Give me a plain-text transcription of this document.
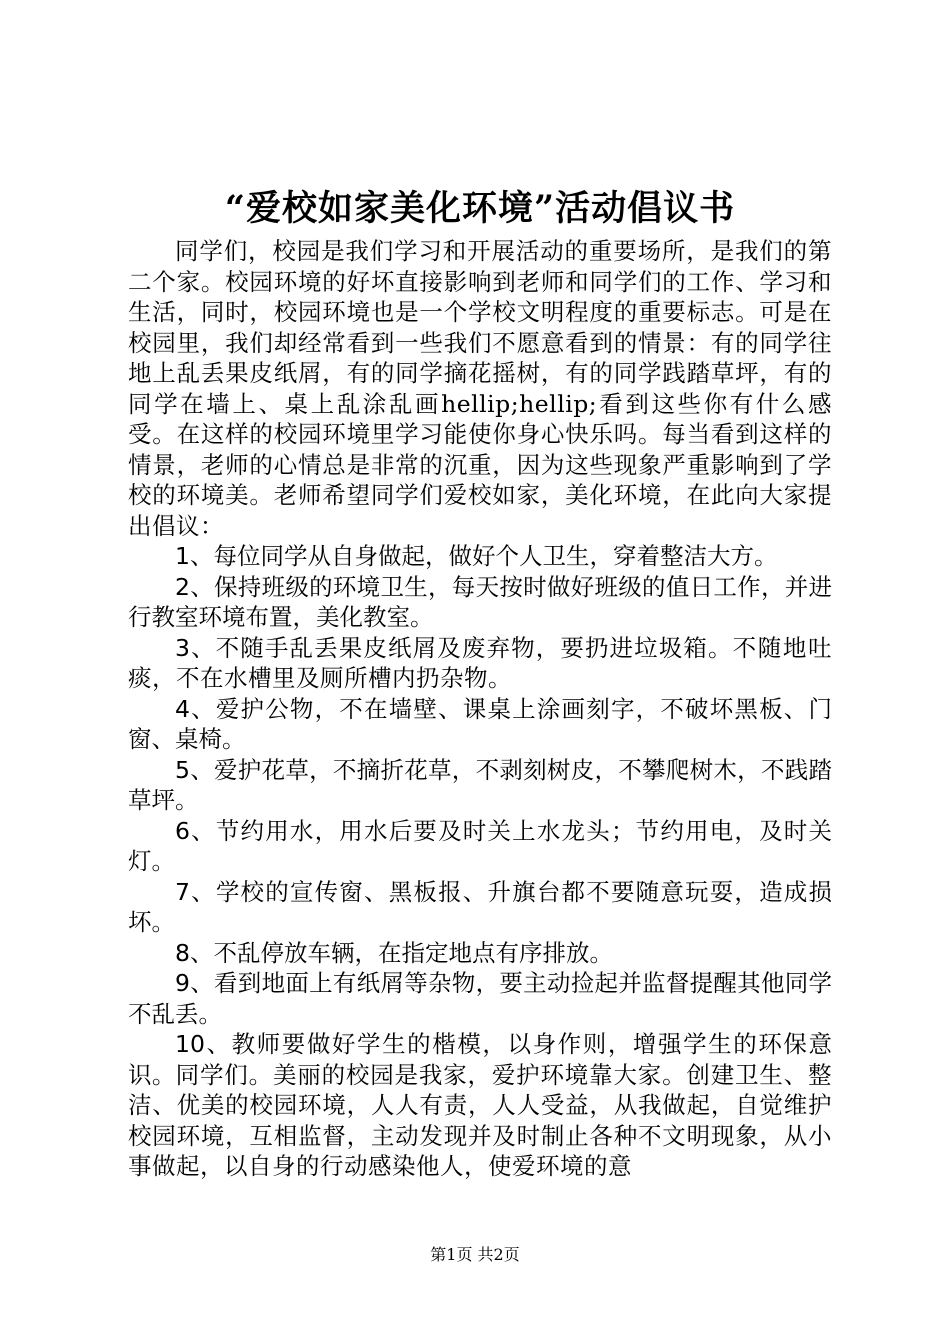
“爱校如家美化环境”活动倡议书

同学们，校园是我们学习和开展活动的重要场所，是我们的第二个家。校园环境的好坏直接影响到老师和同学们的工作、学习和生活，同时，校园环境也是一个学校文明程度的重要标志。可是在校园里，我们却经常看到一些我们不愿意看到的情景：有的同学往地上乱丢果皮纸屑，有的同学摘花摇树，有的同学践踏草坪，有的同学在墙上、桌上乱涂乱画hellip;hellip;看到这些你有什么感受。在这样的校园环境里学习能使你身心快乐吗。每当看到这样的情景，老师的心情总是非常的沉重，因为这些现象严重影响到了学校的环境美。老师希望同学们爱校如家，美化环境，在此向大家提出倡议：

1、每位同学从自身做起，做好个人卫生，穿着整洁大方。

2、保持班级的环境卫生，每天按时做好班级的值日工作，并进行教室环境布置，美化教室。

3、不随手乱丢果皮纸屑及废弃物，要扔进垃圾箱。不随地吐痰，不在水槽里及厕所槽内扔杂物。

4、爱护公物，不在墙壁、课桌上涂画刻字，不破坏黑板、门窗、桌椅。

5、爱护花草，不摘折花草，不剥刻树皮，不攀爬树木，不践踏草坪。

6、节约用水，用水后要及时关上水龙头；节约用电，及时关灯。

7、学校的宣传窗、黑板报、升旗台都不要随意玩耍，造成损坏。

8、不乱停放车辆，在指定地点有序排放。

9、看到地面上有纸屑等杂物，要主动捡起并监督提醒其他同学不乱丢。

10、教师要做好学生的楷模，以身作则，增强学生的环保意识。同学们。美丽的校园是我家，爱护环境靠大家。创建卫生、整洁、优美的校园环境，人人有责，人人受益，从我做起，自觉维护校园环境，互相监督，主动发现并及时制止各种不文明现象，从小事做起，以自身的行动感染他人，使爱环境的意

第1页 共2页
